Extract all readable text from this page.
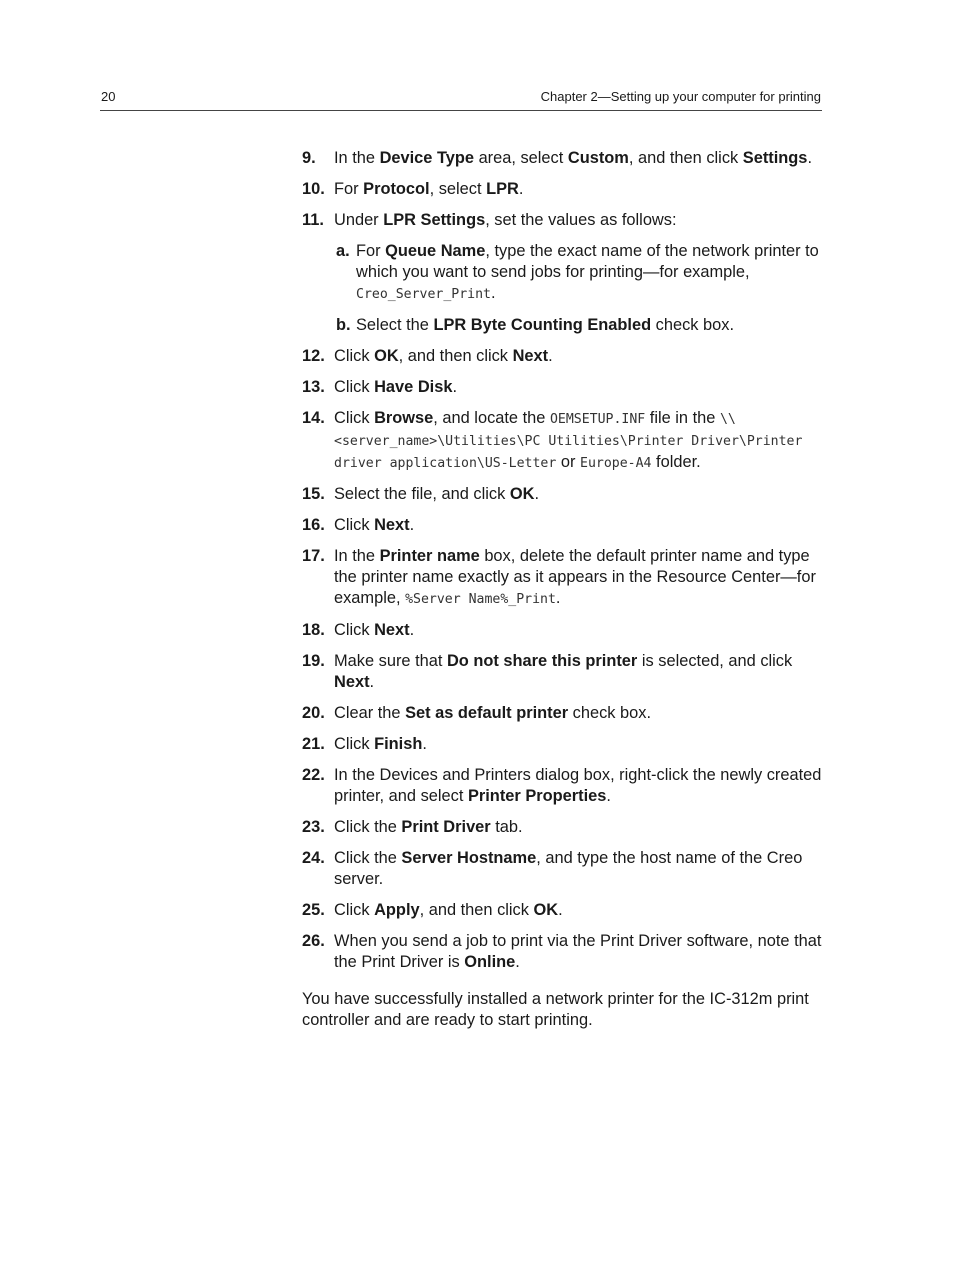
20	Chapter 2—Setting up your computer for printing
9. In the Device Type area, select Custom, and then click Settings.
10. For Protocol, select LPR.
11. Under LPR Settings, set the values as follows:
a. For Queue Name, type the exact name of the network printer to which you want to send jobs for printing—for example, Creo_Server_Print.
b. Select the LPR Byte Counting Enabled check box.
12. Click OK, and then click Next.
13. Click Have Disk.
14. Click Browse, and locate the OEMSETUP.INF file in the \\<server_name>\Utilities\PC Utilities\Printer Driver\Printer driver application\US-Letter or Europe-A4 folder.
15. Select the file, and click OK.
16. Click Next.
17. In the Printer name box, delete the default printer name and type the printer name exactly as it appears in the Resource Center—for example, %Server Name%_Print.
18. Click Next.
19. Make sure that Do not share this printer is selected, and click Next.
20. Clear the Set as default printer check box.
21. Click Finish.
22. In the Devices and Printers dialog box, right-click the newly created printer, and select Printer Properties.
23. Click the Print Driver tab.
24. Click the Server Hostname, and type the host name of the Creo server.
25. Click Apply, and then click OK.
26. When you send a job to print via the Print Driver software, note that the Print Driver is Online.

You have successfully installed a network printer for the IC-312m print controller and are ready to start printing.
